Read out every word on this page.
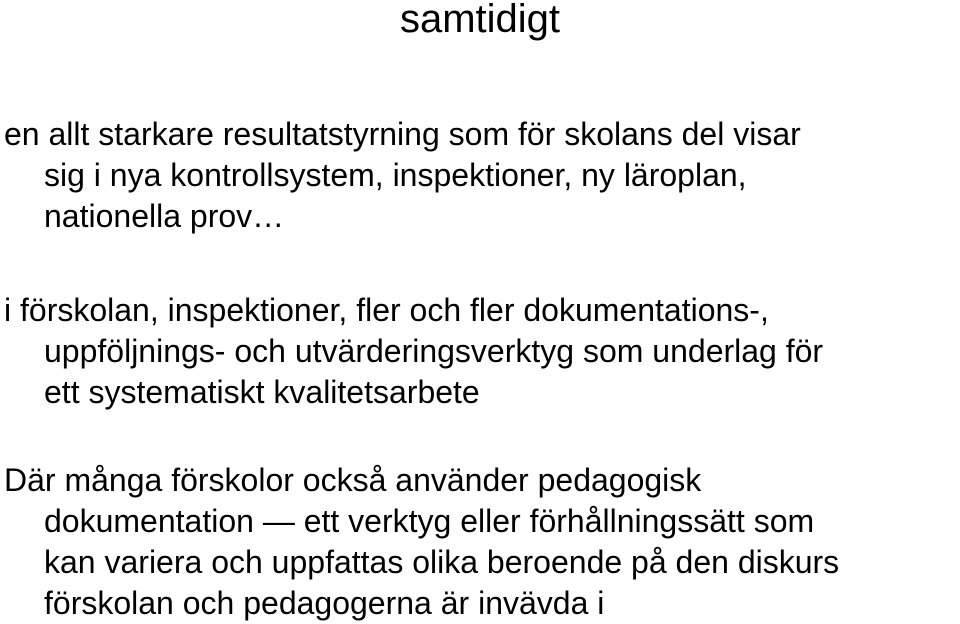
samtidigt
en allt starkare resultatstyrning som för skolans del visar
sig i nya kontrollsystem, inspektioner, ny läroplan,
nationella prov…
i förskolan, inspektioner, fler och fler dokumentations-,
uppföljnings- och utvärderingsverktyg som underlag för
ett systematiskt kvalitetsarbete
Där många förskolor också använder pedagogisk
dokumentation — ett verktyg eller förhållningssätt som
kan variera och uppfattas olika beroende på den diskurs
förskolan och pedagogerna är invävda i
